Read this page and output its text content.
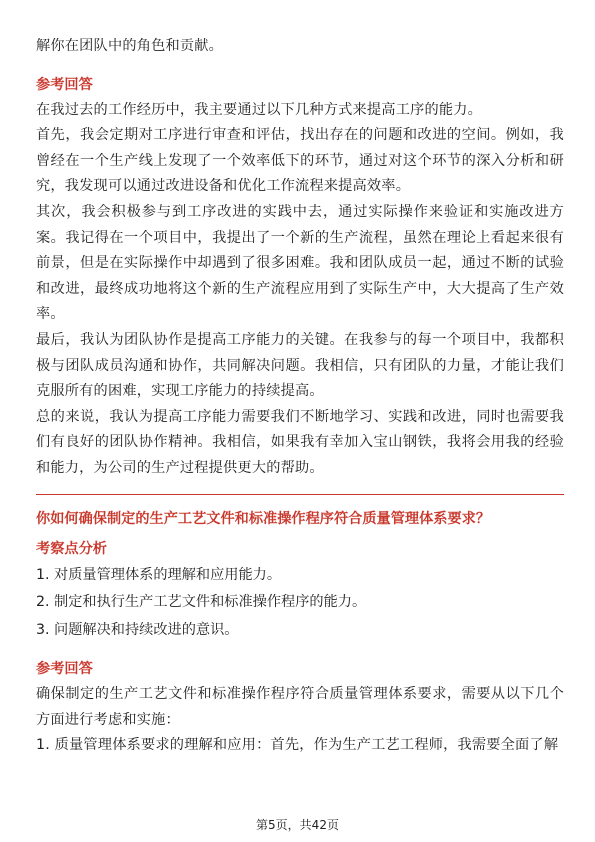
解你在团队中的角色和贡献。

参考回答

在我过去的工作经历中，我主要通过以下几种方式来提高工序的能力。

首先，我会定期对工序进行审查和评估，找出存在的问题和改进的空间。例如，我曾经在一个生产线上发现了一个效率低下的环节，通过对这个环节的深入分析和研究，我发现可以通过改进设备和优化工作流程来提高效率。

其次，我会积极参与到工序改进的实践中去，通过实际操作来验证和实施改进方案。我记得在一个项目中，我提出了一个新的生产流程，虽然在理论上看起来很有前景，但是在实际操作中却遇到了很多困难。我和团队成员一起，通过不断的试验和改进，最终成功地将这个新的生产流程应用到了实际生产中，大大提高了生产效率。

最后，我认为团队协作是提高工序能力的关键。在我参与的每一个项目中，我都积极与团队成员沟通和协作，共同解决问题。我相信，只有团队的力量，才能让我们克服所有的困难，实现工序能力的持续提高。

总的来说，我认为提高工序能力需要我们不断地学习、实践和改进，同时也需要我们有良好的团队协作精神。我相信，如果我有幸加入宝山钢铁，我将会用我的经验和能力，为公司的生产过程提供更大的帮助。

你如何确保制定的生产工艺文件和标准操作程序符合质量管理体系要求？

考察点分析

1. 对质量管理体系的理解和应用能力。

2. 制定和执行生产工艺文件和标准操作程序的能力。

3. 问题解决和持续改进的意识。

参考回答

确保制定的生产工艺文件和标准操作程序符合质量管理体系要求，需要从以下几个方面进行考虑和实施：

1. 质量管理体系要求的理解和应用：首先，作为生产工艺工程师，我需要全面了解

第5页，共42页
